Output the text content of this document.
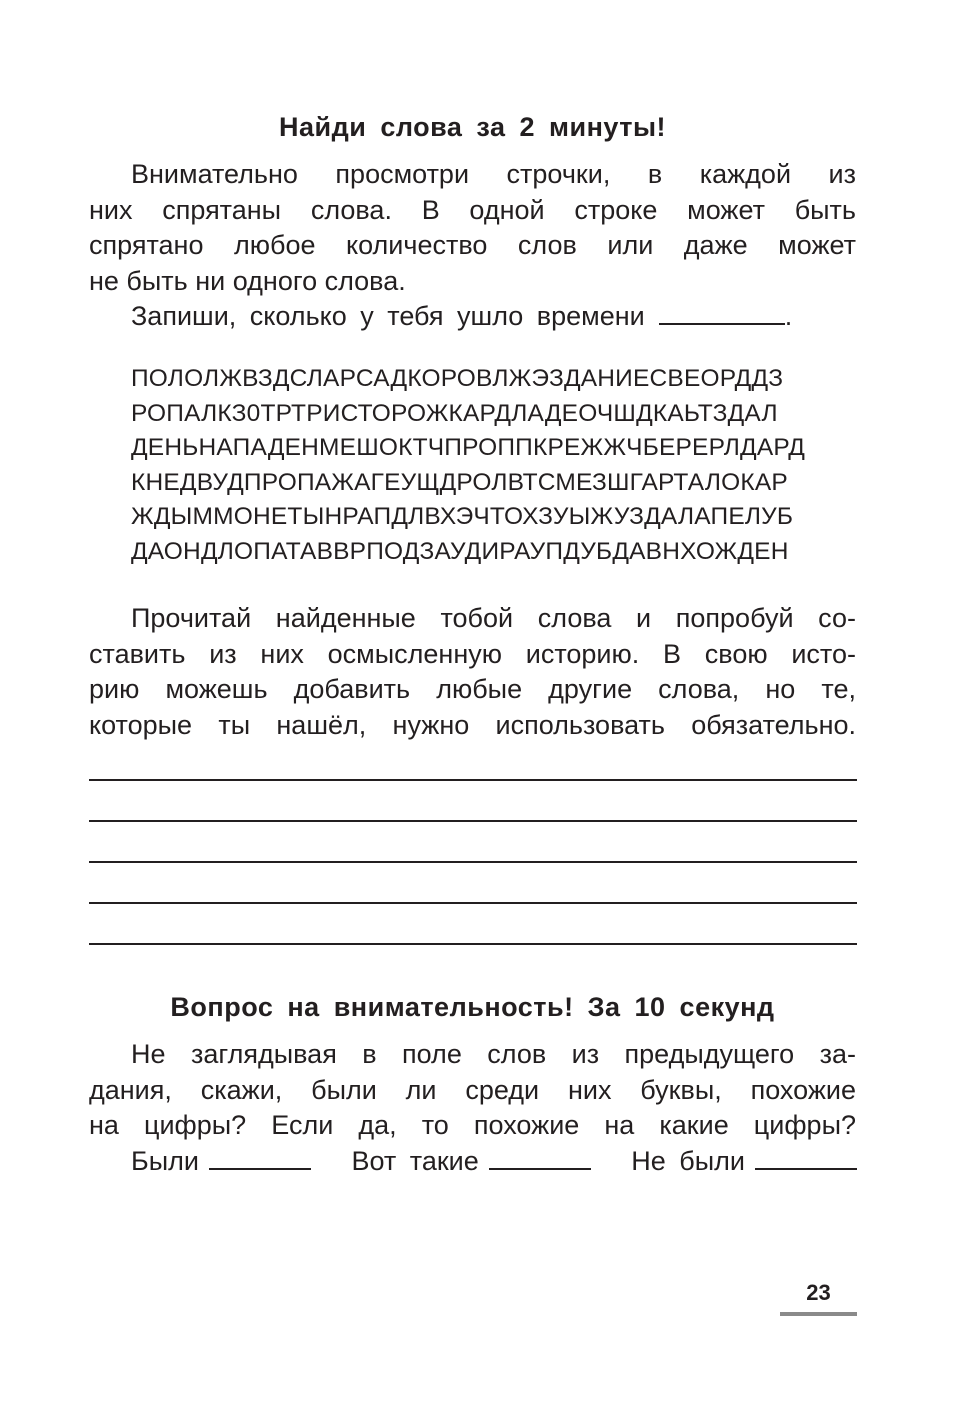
Найди слова за 2 минуты!
Внимательно просмотри строчки, в каждой из
них спрятаны слова. В одной строке может быть
спрятано любое количество слов или даже может
не быть ни одного слова.
Запиши, сколько у тебя ушло времени	.
ПОЛОЛЖВЗДСЛАРСАДКОРОВЛЖЭЗДАНИЕСВЕОРДДЗ
РОПАЛКЗ0ТРТРИСТОРОЖКАРДЛАДЕОЧШДКАЬТЗДАЛ
ДЕНЬНАПАДЕНМЕШОКТЧПРОППКРЕЖЖЧБЕРЕРЛДАРД
КНЕДВУДПРОПАЖАГЕУЩДРОЛВТСМЕЗШГАРТАЛОКАР
ЖДЫММОНЕТЫНРАПДЛВХЭЧТОХЗУЫЖУЗДАЛАПЕЛУБ
ДАОНДЛОПАТАВВРПОДЗАУДИРАУПДУБДАВНХОЖДЕН
Прочитай найденные тобой слова и попробуй со-
ставить из них осмысленную историю. В свою исто-
рию можешь добавить любые другие слова, но те,
которые ты нашёл, нужно использовать обязательно.
Вопрос на внимательность! За 10 секунд
Не заглядывая в поле слов из предыдущего за-
дания, скажи, были ли среди них буквы, похожие
на цифры? Если да, то похожие на какие цифры?
Были	Вот такие	Не были
23
